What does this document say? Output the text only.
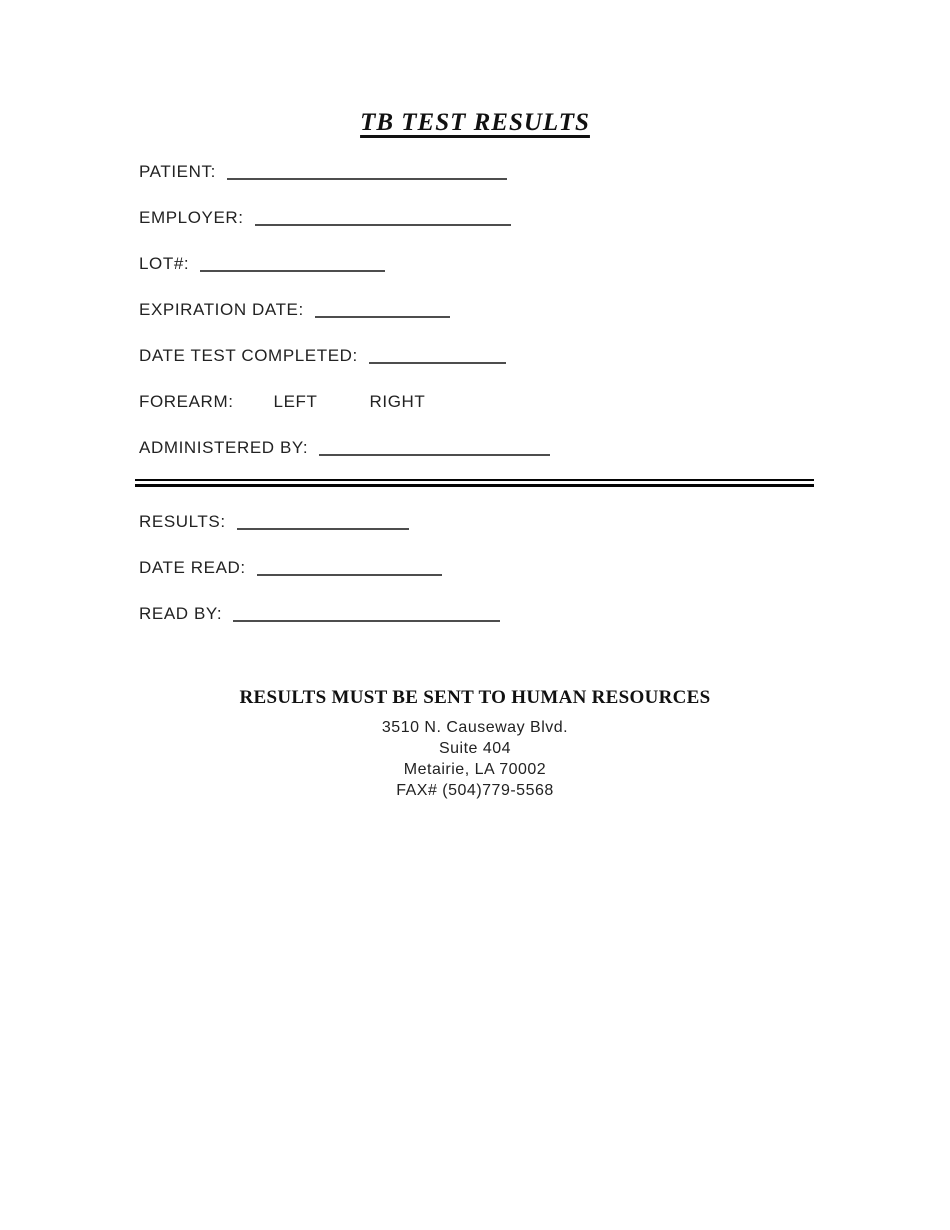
TB TEST RESULTS
PATIENT:
EMPLOYER:
LOT#:
EXPIRATION DATE:
DATE TEST COMPLETED:
FOREARM: LEFT	RIGHT
ADMINISTERED BY:
RESULTS:
DATE READ:
READ BY:
RESULTS MUST BE SENT TO HUMAN RESOURCES
3510 N. Causeway Blvd.
Suite 404
Metairie, LA 70002
FAX# (504)779-5568
